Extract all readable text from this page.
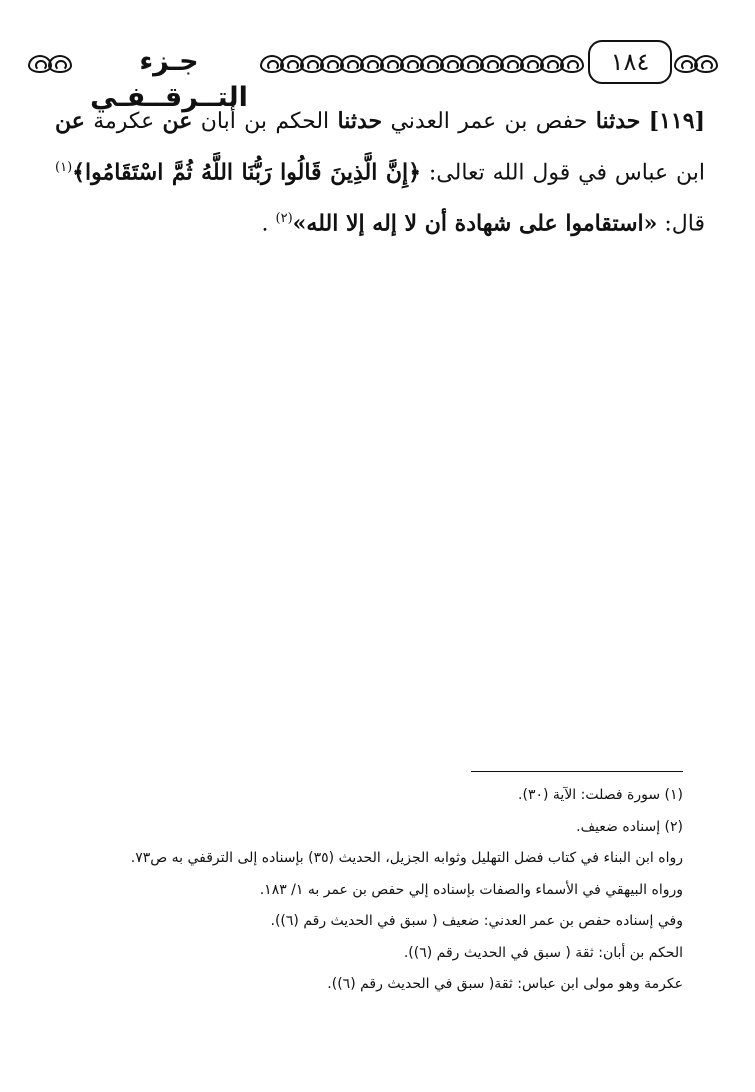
جـزء التــرقــفـي
١٨٤
[١١٩] حدثنا حفص بن عمر العدني حدثنا الحكم بن أبان عن عكرمة عن ابن عباس في قول الله تعالى: ﴿إِنَّ الَّذِينَ قَالُوا رَبُّنَا اللَّهُ ثُمَّ اسْتَقَامُوا﴾$^{(١)}$ قال: «استقاموا على شهادة أن لا إله إلا الله»$^{(٢)}$ .

(١) سورة فصلت: الآية (٣٠).

(٢) إسناده ضعيف.

رواه ابن البناء في كتاب فضل التهليل وثوابه الجزيل، الحديث (٣٥) بإسناده إلى الترقفي به ص٧٣.

ورواه البيهقي في الأسماء والصفات بإسناده إلي حفص بن عمر به ١/ ١٨٣.

وفي إسناده حفص بن عمر العدني: ضعيف ( سبق في الحديث رقم (٦)).

الحكم بن أبان: ثقة ( سبق في الحديث رقم (٦)).

عكرمة وهو مولى ابن عباس: ثقة( سبق في الحديث رقم (٦)).
